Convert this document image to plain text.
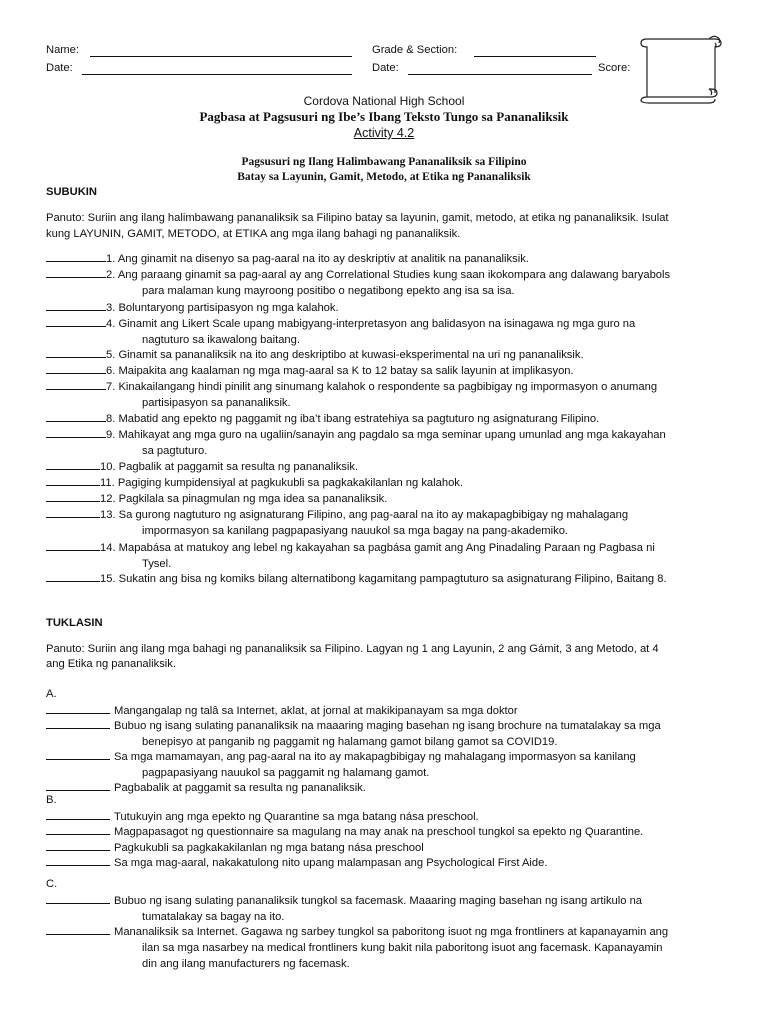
Name:
Date:
Grade & Section:
Date:	Score:
Cordova National High School
Pagbasa at Pagsusuri ng Ibe’s Ibang Teksto Tungo sa Pananaliksik
Activity 4.2
Pagsusuri ng Ilang Halimbawang Pananaliksik sa Filipino
Batay sa Layunin, Gamit, Metodo, at Etika ng Pananaliksik
SUBUKIN
Panuto: Suriin ang ilang halimbawang pananaliksik sa Filipino batay sa layunin, gamit, metodo, at etika ng pananaliksik. Isulat
kung LAYUNIN, GAMIT, METODO, at ETIKA ang mga ilang bahagi ng pananaliksik.
1. Ang ginamit na disenyo sa pag-aaral na ito ay deskriptiv at analitik na pananaliksik.
2. Ang paraang ginamit sa pag-aaral ay ang Correlational Studies kung saan ikokompara ang dalawang baryabols
para malaman kung mayroong positibo o negatibong epekto ang isa sa isa.
3. Boluntaryong partisipasyon ng mga kalahok.
4. Ginamit ang Likert Scale upang mabigyang-interpretasyon ang balidasyon na isinagawa ng mga guro na
nagtuturo sa ikawalong baitang.
5. Ginamit sa pananaliksik na ito ang deskriptibo at kuwasi-eksperimental na uri ng pananaliksik.
6. Maipakita ang kaalaman ng mga mag-aaral sa K to 12 batay sa salik layunin at implikasyon.
7. Kinakailangang hindi pinilit ang sinumang kalahok o respondente sa pagbibigay ng impormasyon o anumang
partisipasyon sa pananaliksik.
8. Mabatid ang epekto ng paggamit ng iba’t ibang estratehiya sa pagtuturo ng asignaturang Filipino.
9. Mahikayat ang mga guro na ugaliin/sanayin ang pagdalo sa mga seminar upang umunlad ang mga kakayahan
sa pagtuturo.
10. Pagbalik at paggamit sa resulta ng pananaliksik.
11. Pagiging kumpidensiyal at pagkukubli sa pagkakakilanlan ng kalahok.
12. Pagkilala sa pinagmulan ng mga idea sa pananaliksik.
13. Sa gurong nagtuturo ng asignaturang Filipino, ang pag-aaral na ito ay makapagbibigay ng mahalagang
impormasyon sa kanilang pagpapasiyang nauukol sa mga bagay na pang-akademiko.
14. Mapabása at matukoy ang lebel ng kakayahan sa pagbása gamit ang Ang Pinadaling Paraan ng Pagbasa ni
Tysel.
15. Sukatin ang bisa ng komiks bilang alternatibong kagamitang pampagtuturo sa asignaturang Filipino, Baitang 8.
TUKLASIN
Panuto: Suriin ang ilang mga bahagi ng pananaliksik sa Filipino. Lagyan ng 1 ang Layunin, 2 ang Gámit, 3 ang Metodo, at 4
ang Etika ng pananaliksik.
A.
Mangangalap ng talâ sa Internet, aklat, at jornal at makikipanayam sa mga doktor
Bubuo ng isang sulating pananaliksik na maaaring maging basehan ng isang brochure na tumatalakay sa mga
benepisyo at panganib ng paggamit ng halamang gamot bilang gamot sa COVID19.
Sa mga mamamayan, ang pag-aaral na ito ay makapagbibigay ng mahalagang impormasyon sa kanilang
pagpapasiyang nauukol sa paggamit ng halamang gamot.
Pagbabalik at paggamit sa resulta ng pananaliksik.
B.
Tutukuyin ang mga epekto ng Quarantine sa mga batang nása preschool.
Magpapasagot ng questionnaire sa magulang na may anak na preschool tungkol sa epekto ng Quarantine.
Pagkukubli sa pagkakakilanlan ng mga batang nása preschool
Sa mga mag-aaral, nakakatulong nito upang malampasan ang Psychological First Aide.
C.
Bubuo ng isang sulating pananaliksik tungkol sa facemask. Maaaring maging basehan ng isang artikulo na
tumatalakay sa bagay na ito.
Mananaliksik sa Internet. Gagawa ng sarbey tungkol sa paboritong isuot ng mga frontliners at kapanayamin ang
ilan sa mga nasarbey na medical frontliners kung bakit nila paboritong isuot ang facemask. Kapanayamin
din ang ilang manufacturers ng facemask.
